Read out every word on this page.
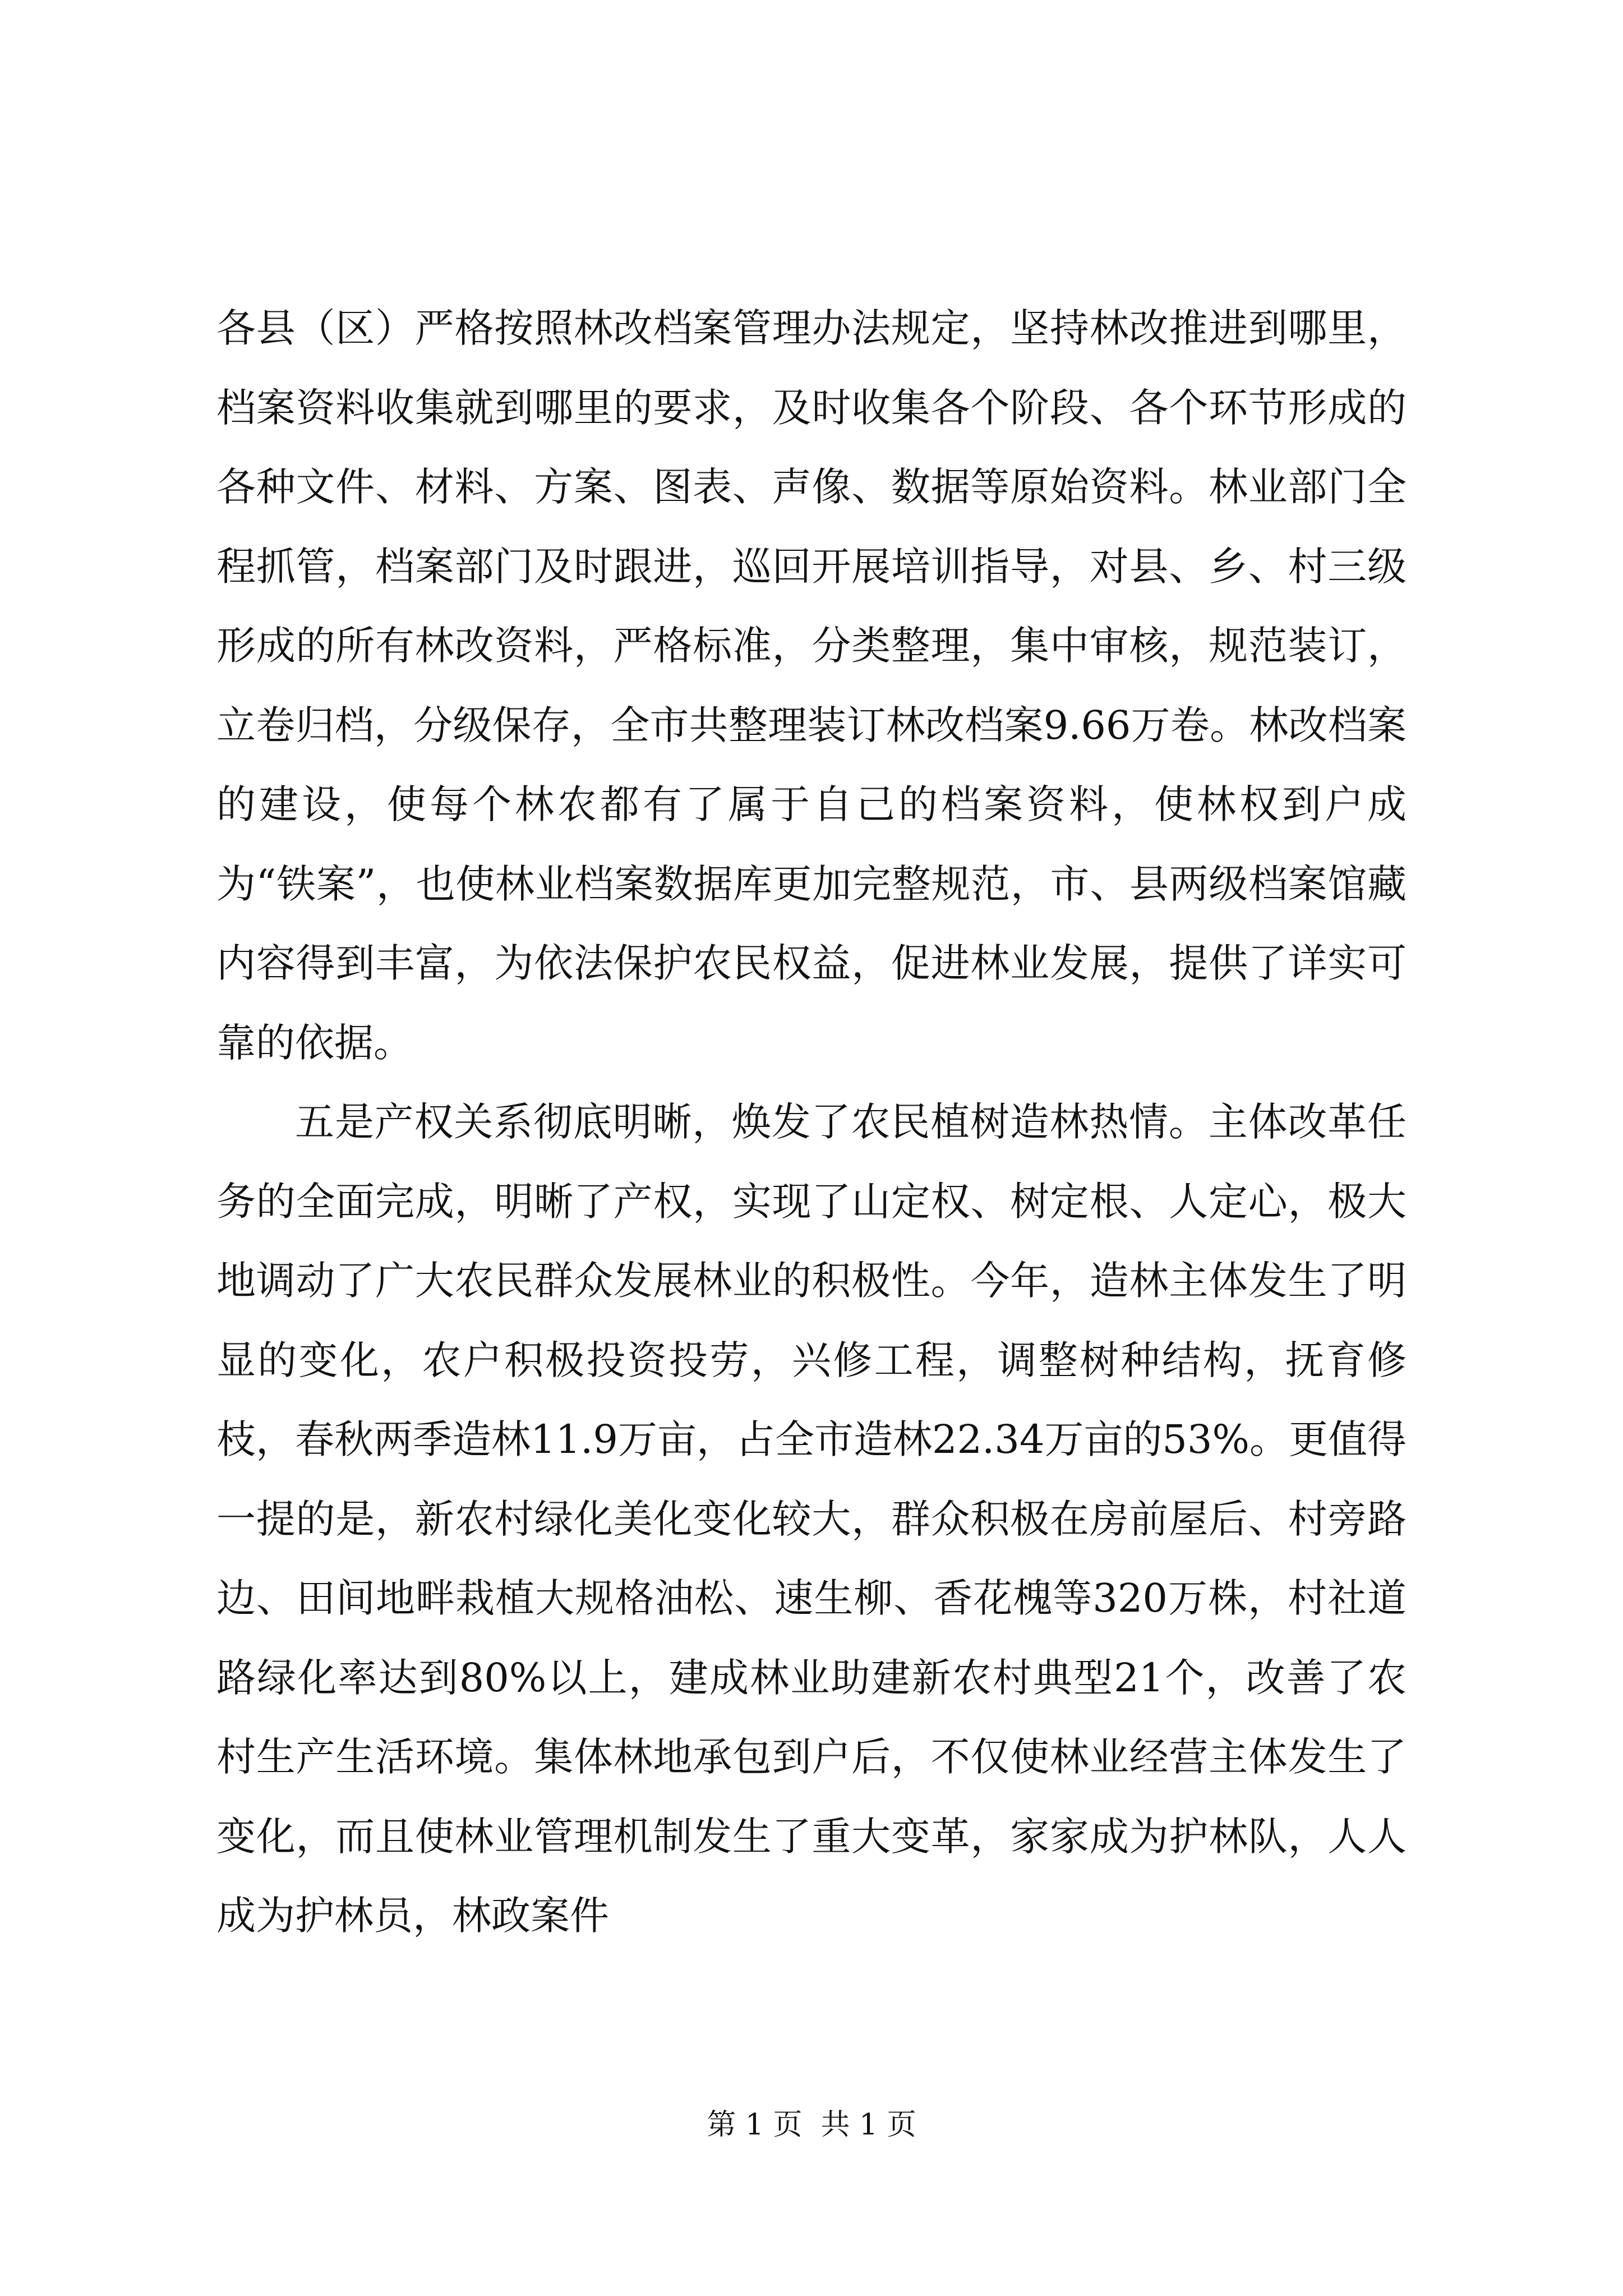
各县（区）严格按照林改档案管理办法规定，坚持林改推进到哪里，档案资料收集就到哪里的要求，及时收集各个阶段、各个环节形成的各种文件、材料、方案、图表、声像、数据等原始资料。林业部门全程抓管，档案部门及时跟进，巡回开展培训指导，对县、乡、村三级形成的所有林改资料，严格标准，分类整理，集中审核，规范装订，立卷归档，分级保存，全市共整理装订林改档案9.66万卷。林改档案的建设，使每个林农都有了属于自己的档案资料，使林权到户成为“铁案”，也使林业档案数据库更加完整规范，市、县两级档案馆藏内容得到丰富，为依法保护农民权益，促进林业发展，提供了详实可靠的依据。

五是产权关系彻底明晰，焕发了农民植树造林热情。主体改革任务的全面完成，明晰了产权，实现了山定权、树定根、人定心，极大地调动了广大农民群众发展林业的积极性。今年，造林主体发生了明显的变化，农户积极投资投劳，兴修工程，调整树种结构，抚育修枝，春秋两季造林11.9万亩，占全市造林22.34万亩的53%。更值得一提的是，新农村绿化美化变化较大，群众积极在房前屋后、村旁路边、田间地畔栽植大规格油松、速生柳、香花槐等320万株，村社道路绿化率达到80%以上，建成林业助建新农村典型21个，改善了农村生产生活环境。集体林地承包到户后，不仅使林业经营主体发生了变化，而且使林业管理机制发生了重大变革，家家成为护林队，人人成为护林员，林政案件

第 1 页  共 1 页
